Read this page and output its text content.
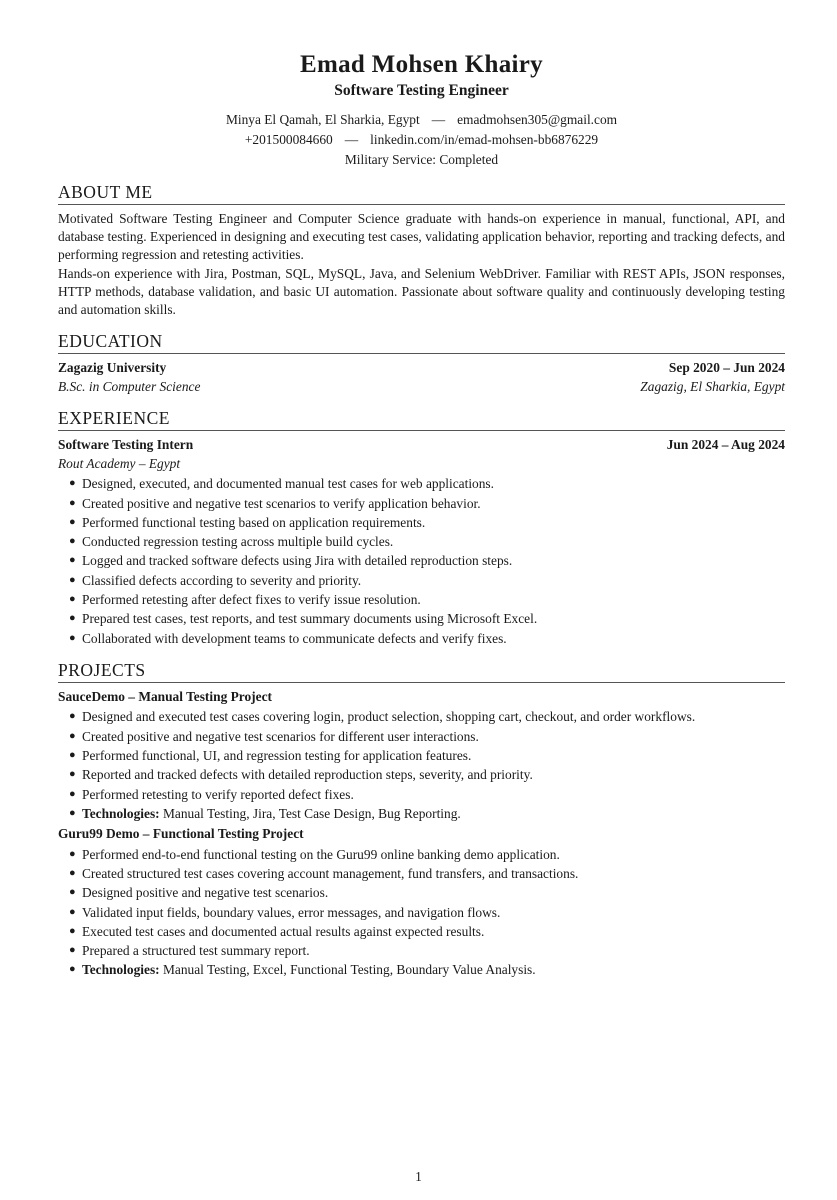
Emad Mohsen Khairy
Software Testing Engineer
Minya El Qamah, El Sharkia, Egypt — emadmohsen305@gmail.com
+201500084660 — linkedin.com/in/emad-mohsen-bb6876229
Military Service: Completed
ABOUT ME

Motivated Software Testing Engineer and Computer Science graduate with hands-on experience in manual, functional, API, and database testing. Experienced in designing and executing test cases, validating application behavior, reporting and tracking defects, and performing regression and retesting activities.

Hands-on experience with Jira, Postman, SQL, MySQL, Java, and Selenium WebDriver. Familiar with REST APIs, JSON responses, HTTP methods, database validation, and basic UI automation. Passionate about software quality and continuously developing testing and automation skills.

EDUCATION
Zagazig University	Sep 2020 – Jun 2024
B.Sc. in Computer Science	Zagazig, El Sharkia, Egypt
EXPERIENCE
Software Testing Intern	Jun 2024 – Aug 2024
Rout Academy – Egypt
● Designed, executed, and documented manual test cases for web applications.
● Created positive and negative test scenarios to verify application behavior.
● Performed functional testing based on application requirements.
● Conducted regression testing across multiple build cycles.
● Logged and tracked software defects using Jira with detailed reproduction steps.
● Classified defects according to severity and priority.
● Performed retesting after defect fixes to verify issue resolution.
● Prepared test cases, test reports, and test summary documents using Microsoft Excel.
● Collaborated with development teams to communicate defects and verify fixes.
PROJECTS
SauceDemo – Manual Testing Project
● Designed and executed test cases covering login, product selection, shopping cart, checkout, and order workflows.
● Created positive and negative test scenarios for different user interactions.
● Performed functional, UI, and regression testing for application features.
● Reported and tracked defects with detailed reproduction steps, severity, and priority.
● Performed retesting to verify reported defect fixes.
● Technologies: Manual Testing, Jira, Test Case Design, Bug Reporting.
Guru99 Demo – Functional Testing Project
● Performed end-to-end functional testing on the Guru99 online banking demo application.
● Created structured test cases covering account management, fund transfers, and transactions.
● Designed positive and negative test scenarios.
● Validated input fields, boundary values, error messages, and navigation flows.
● Executed test cases and documented actual results against expected results.
● Prepared a structured test summary report.
● Technologies: Manual Testing, Excel, Functional Testing, Boundary Value Analysis.
1
